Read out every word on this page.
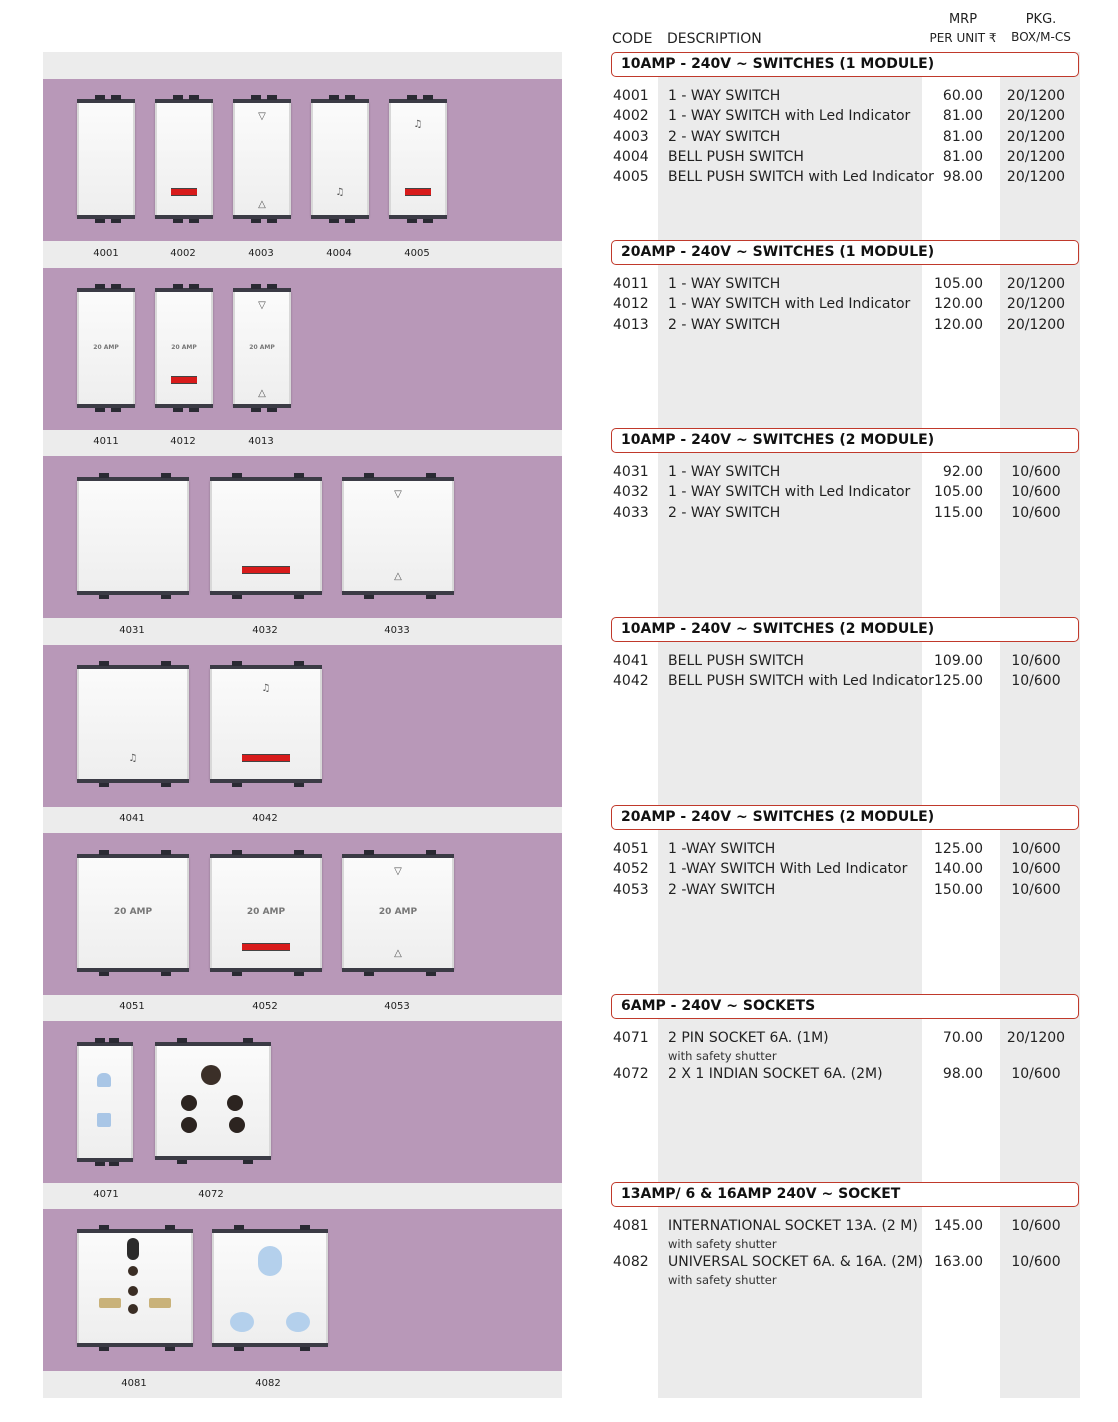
▽
△
♫
♫
4001	4002	4003	4004	4005
20 AMP	20 AMP
▽
20 AMP
△
4011	4012	4013
▽
△
4031	4032	4033
♫
♫
4041	4042
20 AMP	20 AMP
▽
20 AMP
△
4051	4052	4053
4071	4072
4081	4082
CODE DESCRIPTION
MRP
PER UNIT ₹
PKG.
BOX/M-CS
10AMP - 240V ~ SWITCHES (1 MODULE)
4001 1 - WAY SWITCH	60.00 20/1200
4002 1 - WAY SWITCH with Led Indicator	81.00 20/1200
4003 2 - WAY SWITCH	81.00 20/1200
4004 BELL PUSH SWITCH	81.00 20/1200
4005 BELL PUSH SWITCH with Led Indicator 98.00 20/1200
20AMP - 240V ~ SWITCHES (1 MODULE)
4011 1 - WAY SWITCH	105.00 20/1200
4012 1 - WAY SWITCH with Led Indicator	120.00 20/1200
4013 2 - WAY SWITCH	120.00 20/1200
10AMP - 240V ~ SWITCHES (2 MODULE)
4031 1 - WAY SWITCH	92.00	10/600
4032 1 - WAY SWITCH with Led Indicator	105.00	10/600
4033 2 - WAY SWITCH	115.00	10/600
10AMP - 240V ~ SWITCHES (2 MODULE)
4041 BELL PUSH SWITCH	109.00	10/600
4042 BELL PUSH SWITCH with Led Indicator 125.00	10/600
20AMP - 240V ~ SWITCHES (2 MODULE)
4051 1 -WAY SWITCH	125.00	10/600
4052 1 -WAY SWITCH With Led Indicator	140.00	10/600
4053 2 -WAY SWITCH	150.00	10/600
6AMP - 240V ~ SOCKETS
4071 2 PIN SOCKET 6A. (1M)	70.00 20/1200
with safety shutter
4072 2 X 1 INDIAN SOCKET 6A. (2M)	98.00	10/600
13AMP/ 6 & 16AMP 240V ~ SOCKET
4081 INTERNATIONAL SOCKET 13A. (2 M)	145.00	10/600
with safety shutter
4082 UNIVERSAL SOCKET 6A. & 16A. (2M) 163.00	10/600
with safety shutter
